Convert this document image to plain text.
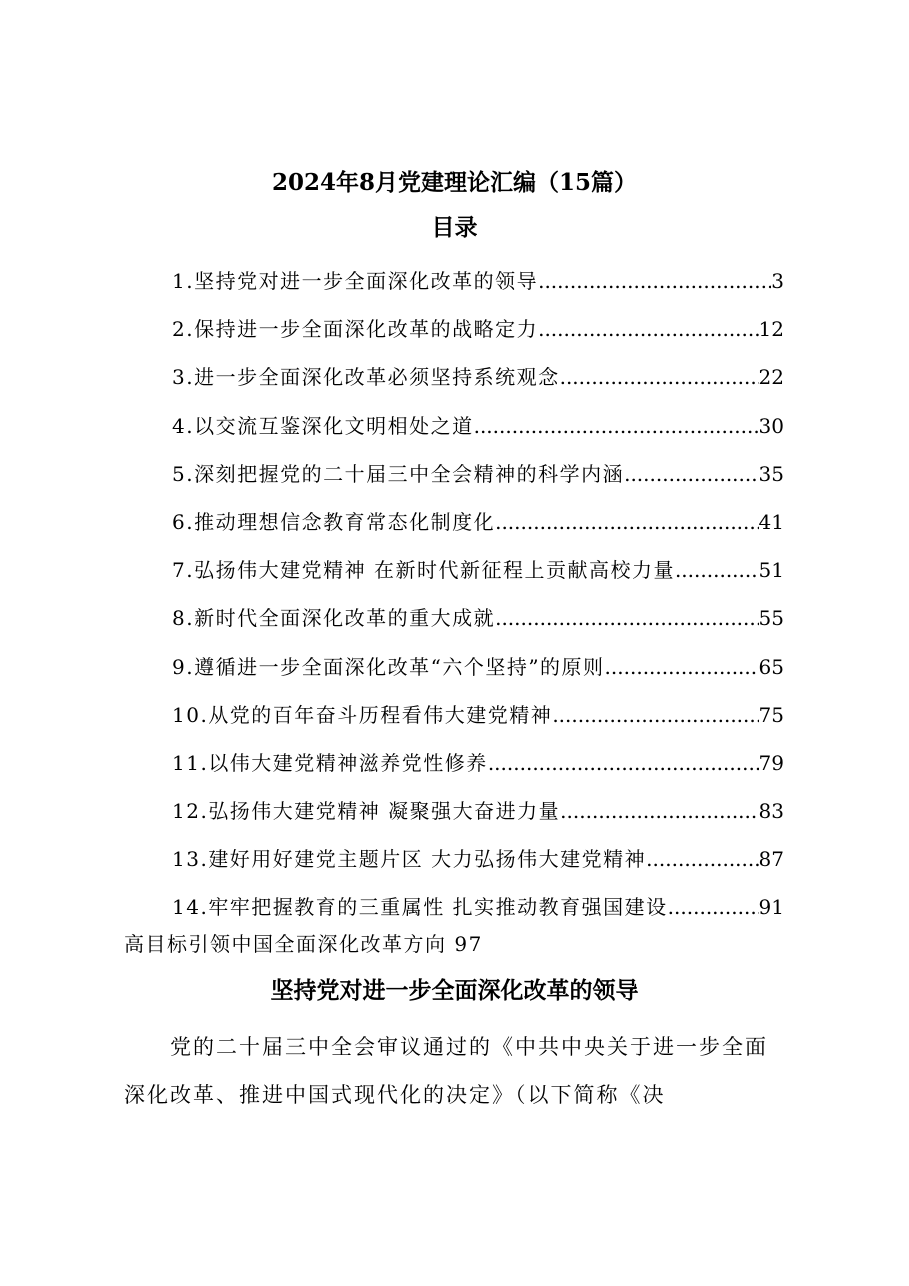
2024年8月党建理论汇编（15篇）
目录
1. 坚持党对进一步全面深化改革的领导 .....	3
2. 保持进一步全面深化改革的战略定力 .....	12
3. 进一步全面深化改革必须坚持系统观念 .....	22
4. 以交流互鉴深化文明相处之道 .....	30
5. 深刻把握党的二十届三中全会精神的科学内涵 .....	35
6. 推动理想信念教育常态化制度化 .....	41
7. 弘扬伟大建党精神 在新时代新征程上贡献高校力量 .....	51
8. 新时代全面深化改革的重大成就 .....	55
9. 遵循进一步全面深化改革“六个坚持”的原则 .....	65
10. 从党的百年奋斗历程看伟大建党精神 .....	75
11. 以伟大建党精神滋养党性修养 .....	79
12. 弘扬伟大建党精神 凝聚强大奋进力量 .....	83
13. 建好用好建党主题片区 大力弘扬伟大建党精神 .....	87
14. 牢牢把握教育的三重属性 扎实推动教育强国建设 .....	91
高目标引领中国全面深化改革方向 97
坚持党对进一步全面深化改革的领导
党的二十届三中全会审议通过的《中共中央关于进一步全面深化改革、推进中国式现代化的决定》（以下简称《决
